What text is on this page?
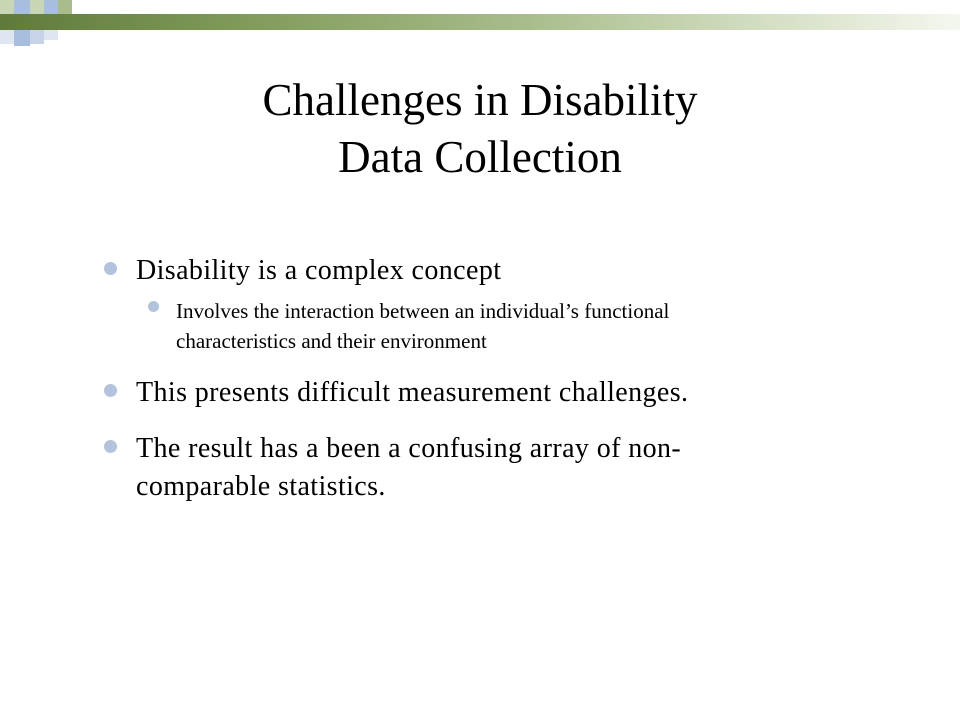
Challenges in Disability
Data Collection
Disability is a complex concept
Involves the interaction between an individual’s functional
characteristics and their environment
This presents difficult measurement challenges.
The result has a been a confusing array of non-
comparable statistics.
